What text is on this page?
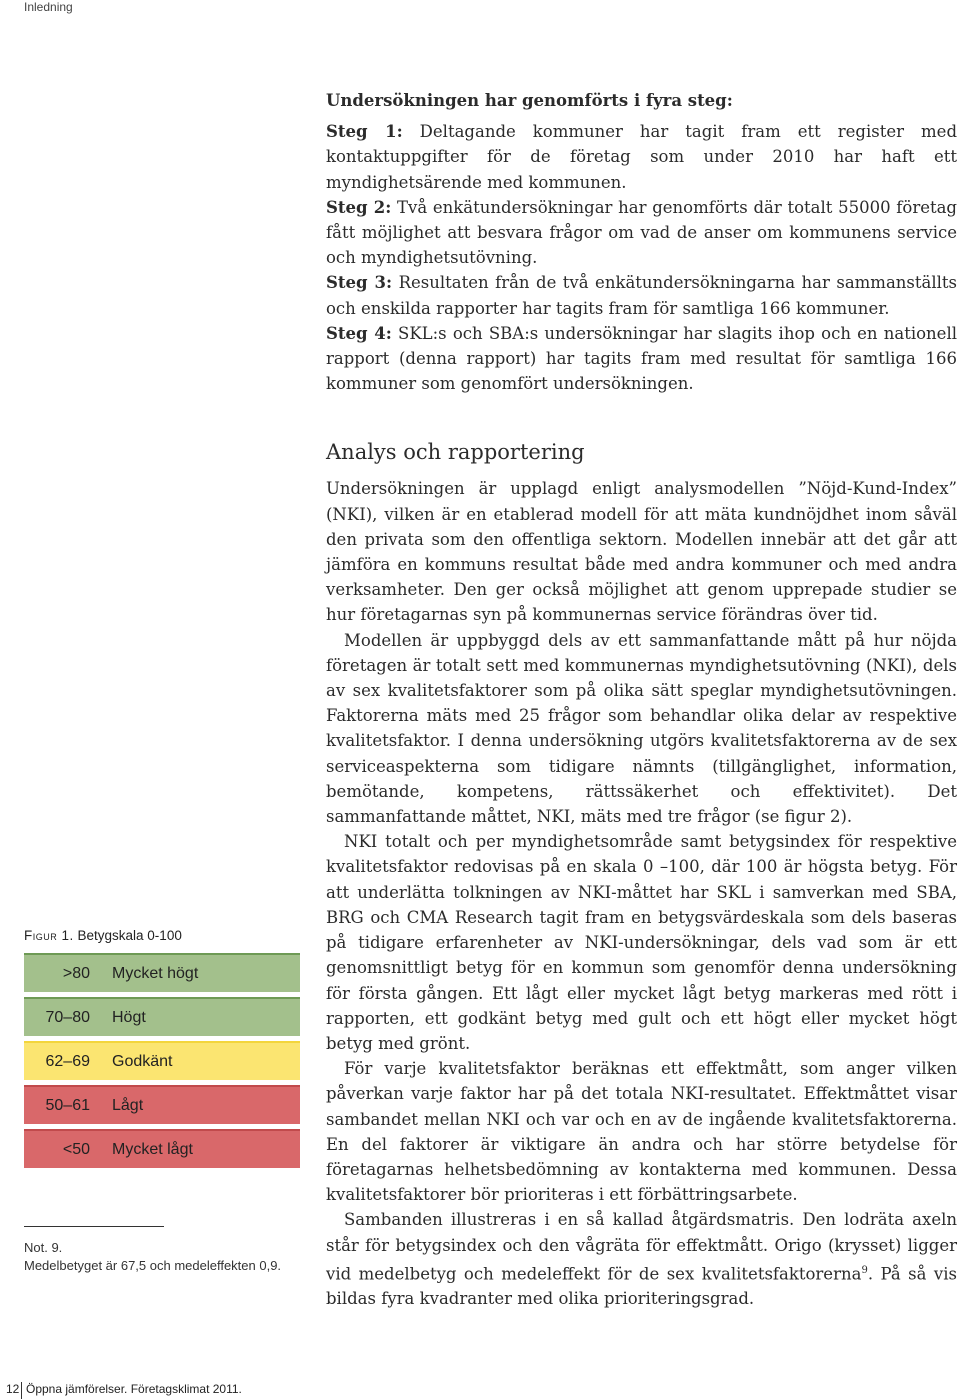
Inledning

Undersökningen har genomförts i fyra steg:

Steg 1: Deltagande kommuner har tagit fram ett register med kontaktuppgifter för de företag som under 2010 har haft ett myndighetsärende med kommunen.

Steg 2: Två enkätundersökningar har genomförts där totalt 55000 företag fått möjlighet att besvara frågor om vad de anser om kommunens service och myndighetsutövning.

Steg 3: Resultaten från de två enkätundersökningarna har sammanställts och enskilda rapporter har tagits fram för samtliga 166 kommuner.

Steg 4: SKL:s och SBA:s undersökningar har slagits ihop och en nationell rapport (denna rapport) har tagits fram med resultat för samtliga 166 kommuner som genomfört undersökningen.

Analys och rapportering

Undersökningen är upplagd enligt analysmodellen ”Nöjd-Kund-Index” (NKI), vilken är en etablerad modell för att mäta kundnöjdhet inom såväl den privata som den offentliga sektorn. Modellen innebär att det går att jämföra en kommuns resultat både med andra kommuner och med andra verksamheter. Den ger också möjlighet att genom upprepade studier se hur företagarnas syn på kommunernas service förändras över tid.

Modellen är uppbyggd dels av ett sammanfattande mått på hur nöjda företagen är totalt sett med kommunernas myndighetsutövning (NKI), dels av sex kvalitetsfaktorer som på olika sätt speglar myndighetsutövningen. Faktorerna mäts med 25 frågor som behandlar olika delar av respektive kvalitetsfaktor. I denna undersökning utgörs kvalitetsfaktorerna av de sex serviceaspekterna som tidigare nämnts (tillgänglighet, information, bemötande, kompetens, rättssäkerhet och effektivitet). Det sammanfattande måttet, NKI, mäts med tre frågor (se figur 2).

NKI totalt och per myndighetsområde samt betygsindex för respektive kvalitetsfaktor redovisas på en skala 0 –100, där 100 är högsta betyg. För att underlätta tolkningen av NKI-måttet har SKL i samverkan med SBA, BRG och CMA Research tagit fram en betygsvärdeskala som dels baseras på tidigare erfarenheter av NKI-undersökningar, dels vad som är ett genomsnittligt betyg för en kommun som genomför denna undersökning för första gången. Ett lågt eller mycket lågt betyg markeras med rött i rapporten, ett godkänt betyg med gult och ett högt eller mycket högt betyg med grönt.

För varje kvalitetsfaktor beräknas ett effektmått, som anger vilken påverkan varje faktor har på det totala NKI-resultatet. Effektmåttet visar sambandet mellan NKI och var och en av de ingående kvalitetsfaktorerna. En del faktorer är viktigare än andra och har större betydelse för företagarnas helhetsbedömning av kontakterna med kommunen. Dessa kvalitetsfaktorer bör prioriteras i ett förbättringsarbete.

Sambanden illustreras i en så kallad åtgärdsmatris. Den lodräta axeln står för betygsindex och den vågräta för effektmått. Origo (krysset) ligger vid medelbetyg och medeleffekt för de sex kvalitetsfaktorerna$^9$. På så vis bildas fyra kvadranter med olika prioriteringsgrad.

Figur 1. Betygskala 0-100
>80 Mycket högt
70–80 Högt
62–69 Godkänt
50–61 Lågt
<50 Mycket lågt
Not. 9.
Medelbetyget är 67,5 och medeleffekten 0,9.
12 Öppna jämförelser. Företagsklimat 2011.
